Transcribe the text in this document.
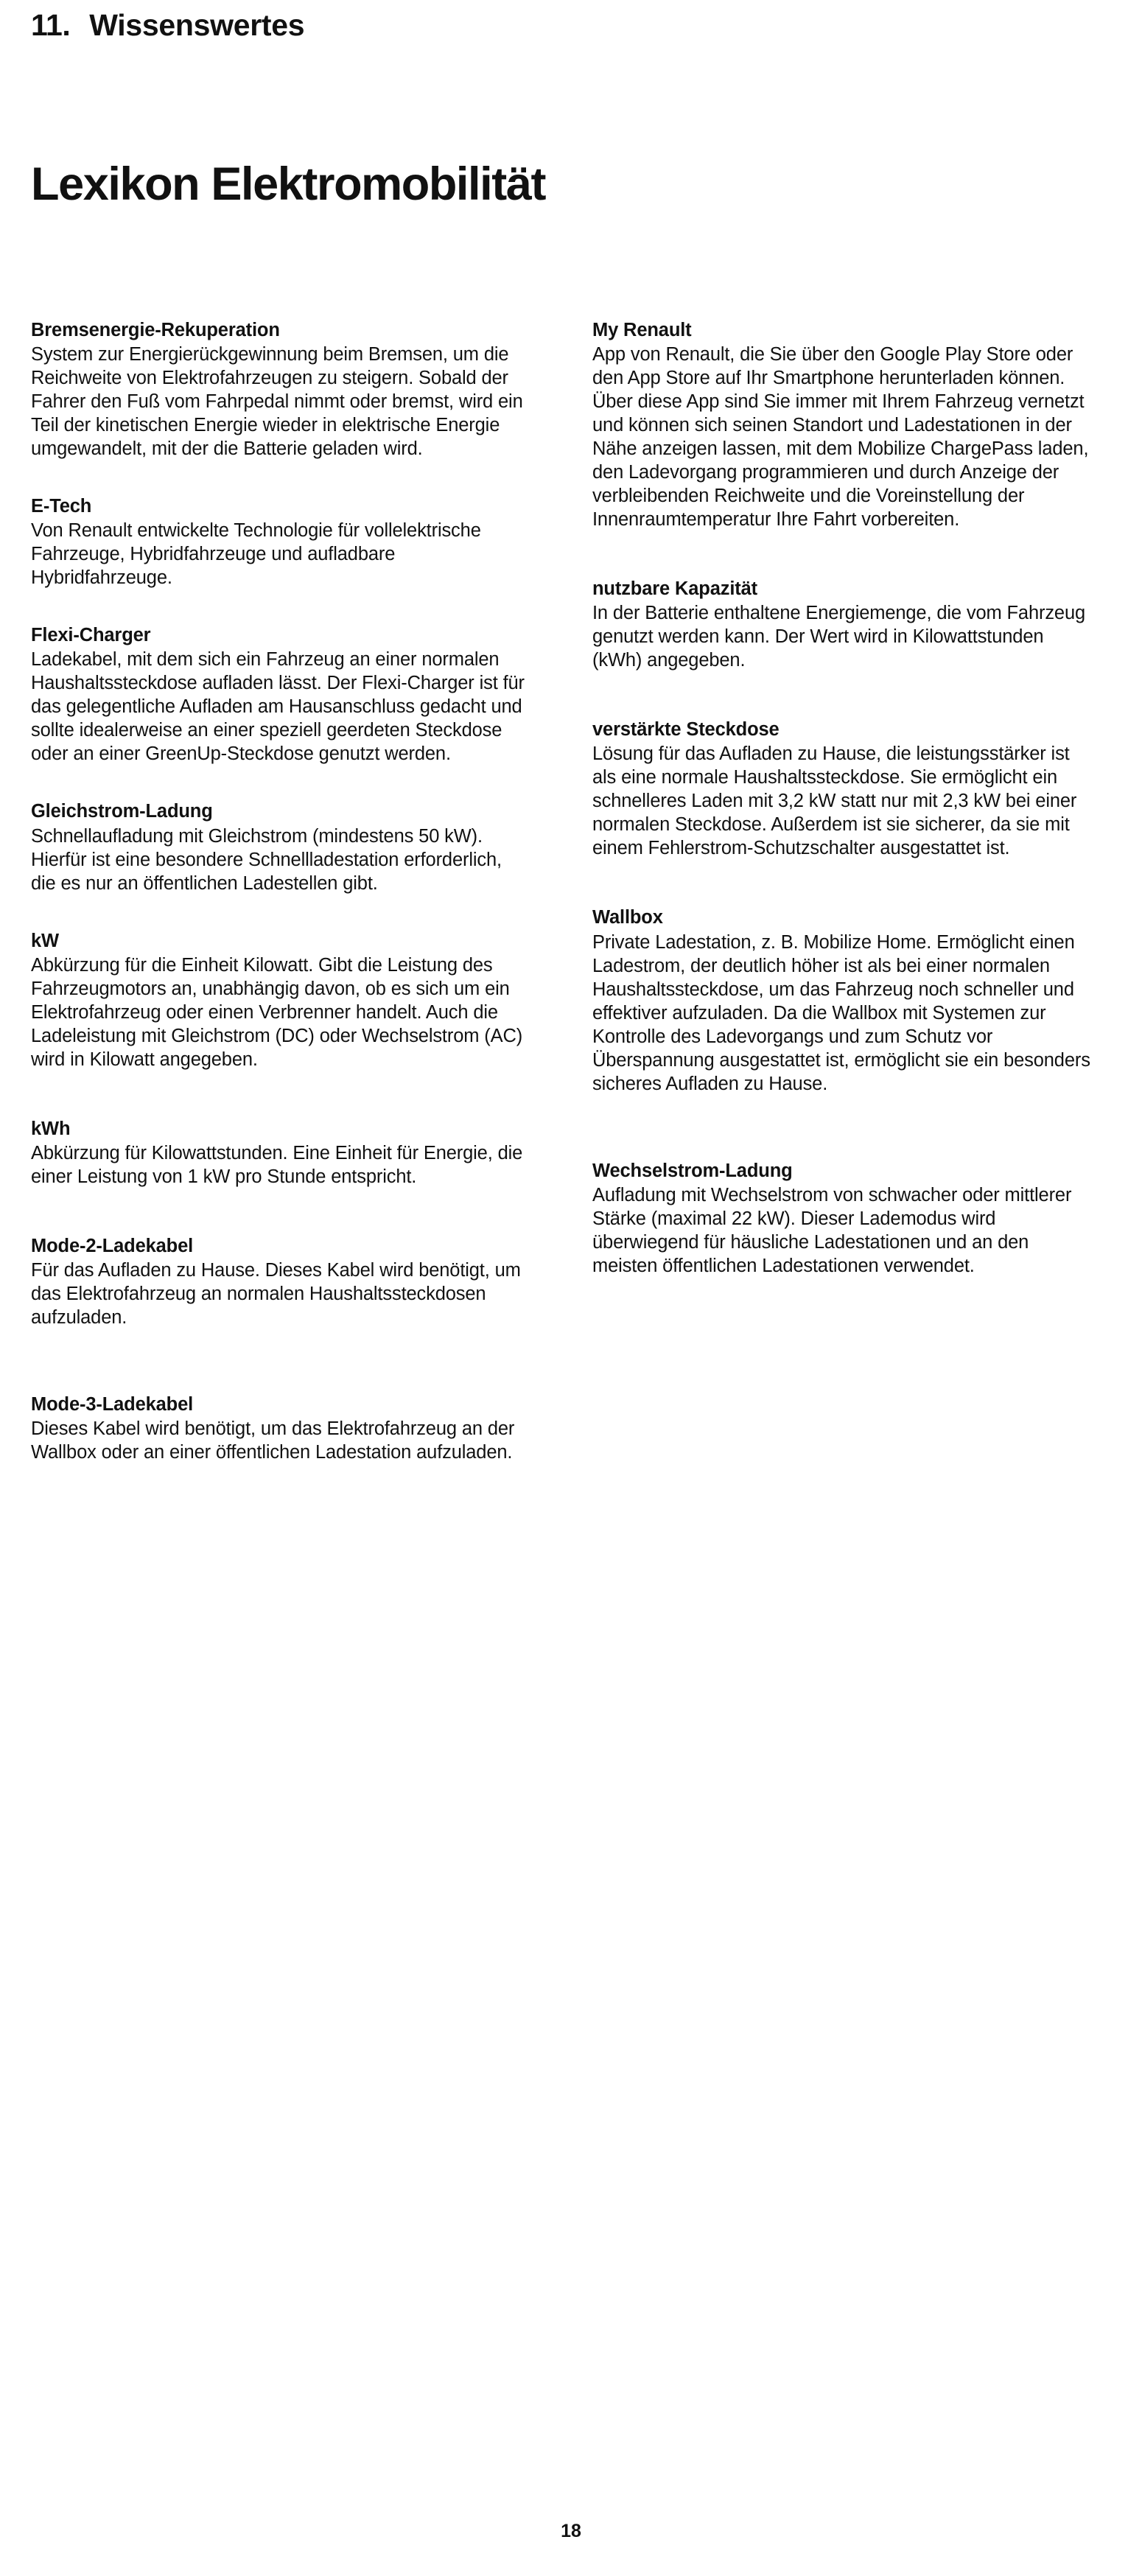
11. Wissenswertes
Lexikon Elektromobilität
Bremsenergie-Rekuperation

System zur Energierückgewinnung beim Bremsen, um die Reichweite von Elektrofahrzeugen zu steigern. Sobald der Fahrer den Fuß vom Fahrpedal nimmt oder bremst, wird ein Teil der kinetischen Energie wieder in elektrische Energie umgewandelt, mit der die Batterie geladen wird.

E-Tech

Von Renault entwickelte Technologie für vollelektrische Fahrzeuge, Hybridfahrzeuge und aufladbare Hybridfahrzeuge.

Flexi-Charger

Ladekabel, mit dem sich ein Fahrzeug an einer normalen Haushaltssteckdose aufladen lässt. Der Flexi-Charger ist für das gelegentliche Aufladen am Hausanschluss gedacht und sollte idealerweise an einer speziell geerdeten Steckdose oder an einer GreenUp-Steckdose genutzt werden.

Gleichstrom-Ladung

Schnellaufladung mit Gleichstrom (mindestens 50 kW). Hierfür ist eine besondere Schnellladestation erforderlich, die es nur an öffentlichen Ladestellen gibt.

kW

Abkürzung für die Einheit Kilowatt. Gibt die Leistung des Fahrzeugmotors an, unabhängig davon, ob es sich um ein Elektrofahrzeug oder einen Verbrenner handelt. Auch die Ladeleistung mit Gleichstrom (DC) oder Wechselstrom (AC) wird in Kilowatt angegeben.

kWh

Abkürzung für Kilowattstunden. Eine Einheit für Energie, die einer Leistung von 1 kW pro Stunde entspricht.

Mode-2-Ladekabel

Für das Aufladen zu Hause. Dieses Kabel wird benötigt, um das Elektrofahrzeug an normalen Haushaltssteckdosen aufzuladen.

Mode-3-Ladekabel

Dieses Kabel wird benötigt, um das Elektrofahrzeug an der Wallbox oder an einer öffentlichen Ladestation aufzuladen.

My Renault

App von Renault, die Sie über den Google Play Store oder den App Store auf Ihr Smartphone herunterladen können. Über diese App sind Sie immer mit Ihrem Fahrzeug vernetzt und können sich seinen Standort und Ladestationen in der Nähe anzeigen lassen, mit dem Mobilize ChargePass laden, den Ladevorgang programmieren und durch Anzeige der verbleibenden Reichweite und die Voreinstellung der Innenraumtemperatur Ihre Fahrt vorbereiten.

nutzbare Kapazität

In der Batterie enthaltene Energiemenge, die vom Fahrzeug genutzt werden kann. Der Wert wird in Kilowattstunden (kWh) angegeben.

verstärkte Steckdose

Lösung für das Aufladen zu Hause, die leistungsstärker ist als eine normale Haushaltssteckdose. Sie ermöglicht ein schnelleres Laden mit 3,2 kW statt nur mit 2,3 kW bei einer normalen Steckdose. Außerdem ist sie sicherer, da sie mit einem Fehlerstrom-Schutzschalter ausgestattet ist.

Wallbox

Private Ladestation, z. B. Mobilize Home. Ermöglicht einen Ladestrom, der deutlich höher ist als bei einer normalen Haushaltssteckdose, um das Fahrzeug noch schneller und effektiver aufzuladen. Da die Wallbox mit Systemen zur Kontrolle des Ladevorgangs und zum Schutz vor Überspannung ausgestattet ist, ermöglicht sie ein besonders sicheres Aufladen zu Hause.

Wechselstrom-Ladung

Aufladung mit Wechselstrom von schwacher oder mittlerer Stärke (maximal 22 kW). Dieser Lademodus wird überwiegend für häusliche Ladestationen und an den meisten öffentlichen Ladestationen verwendet.

18
